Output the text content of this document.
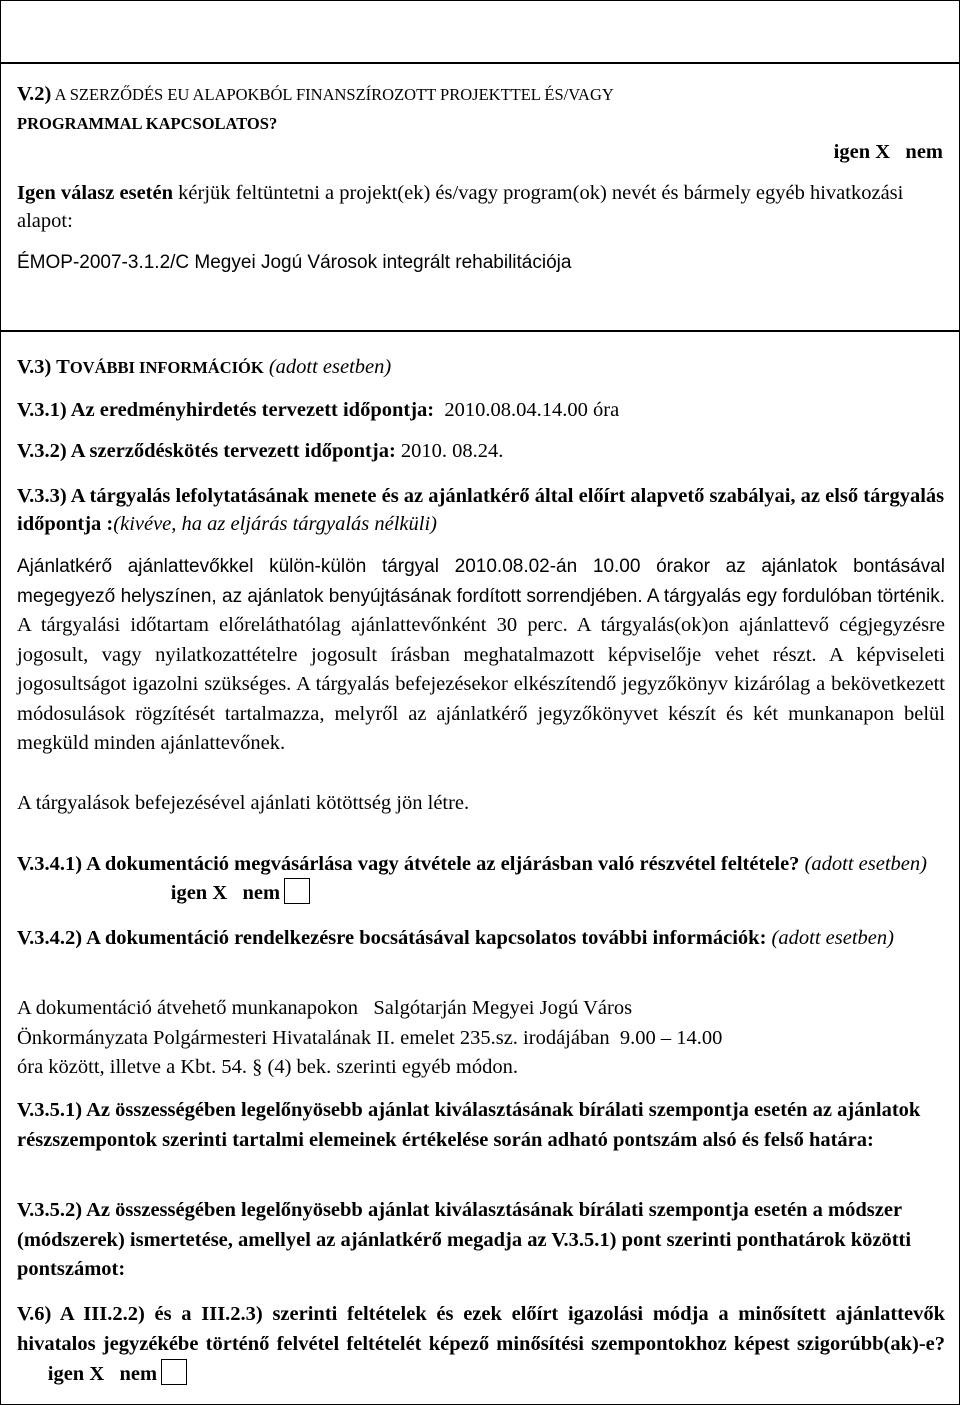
V.2) A SZERZŐDÉS EU ALAPOKBÓL FINANSZÍROZOTT PROJEKTTEL ÉS/VAGY
PROGRAMMAL KAPCSOLATOS?
igen X nem
Igen válasz esetén kérjük feltüntetni a projekt(ek) és/vagy program(ok) nevét és bármely egyéb hivatkozási alapot:
ÉMOP-2007-3.1.2/C Megyei Jogú Városok integrált rehabilitációja
V.3) TOVÁBBI INFORMÁCIÓK (adott esetben)
V.3.1) Az eredményhirdetés tervezett időpontja: 2010.08.04.14.00 óra
V.3.2) A szerződéskötés tervezett időpontja: 2010. 08.24.
V.3.3) A tárgyalás lefolytatásának menete és az ajánlatkérő által előírt alapvető szabályai, az első tárgyalás időpontja :(kivéve, ha az eljárás tárgyalás nélküli)
Ajánlatkérő ajánlattevőkkel külön-külön tárgyal 2010.08.02-án 10.00 órakor az ajánlatok bontásával megegyező helyszínen, az ajánlatok benyújtásának fordított sorrendjében. A tárgyalás egy fordulóban történik. A tárgyalási időtartam előreláthatólag ajánlattevőnként 30 perc. A tárgyalás(ok)on ajánlattevő cégjegyzésre jogosult, vagy nyilatkozattételre jogosult írásban meghatalmazott képviselője vehet részt. A képviseleti jogosultságot igazolni szükséges. A tárgyalás befejezésekor elkészítendő jegyzőkönyv kizárólag a bekövetkezett módosulások rögzítését tartalmazza, melyről az ajánlatkérő jegyzőkönyvet készít és két munkanapon belül megküld minden ajánlattevőnek.
A tárgyalások befejezésével ajánlati kötöttség jön létre.
V.3.4.1) A dokumentáció megvásárlása vagy átvétele az eljárásban való részvétel feltétele? (adott esetben)                              igen X nem
V.3.4.2) A dokumentáció rendelkezésre bocsátásával kapcsolatos további információk: (adott esetben)
A dokumentáció átvehető munkanapokon   Salgótarján Megyei Jogú Város
Önkormányzata Polgármesteri Hivatalának II. emelet 235.sz. irodájában  9.00 – 14.00
óra között, illetve a Kbt. 54. § (4) bek. szerinti egyéb módon.
V.3.5.1) Az összességében legelőnyösebb ajánlat kiválasztásának bírálati szempontja esetén az ajánlatok részszempontok szerinti tartalmi elemeinek értékelése során adható pontszám alsó és felső határa:
V.3.5.2) Az összességében legelőnyösebb ajánlat kiválasztásának bírálati szempontja esetén a módszer (módszerek) ismertetése, amellyel az ajánlatkérő megadja az V.3.5.1) pont szerinti ponthatárok közötti pontszámot:
V.6) A III.2.2) és a III.2.3) szerinti feltételek és ezek előírt igazolási módja a minősített ajánlattevők hivatalos jegyzékébe történő felvétel feltételét képező minősítési szempontokhoz képest szigorúbb(ak)-e?      igen X nem
